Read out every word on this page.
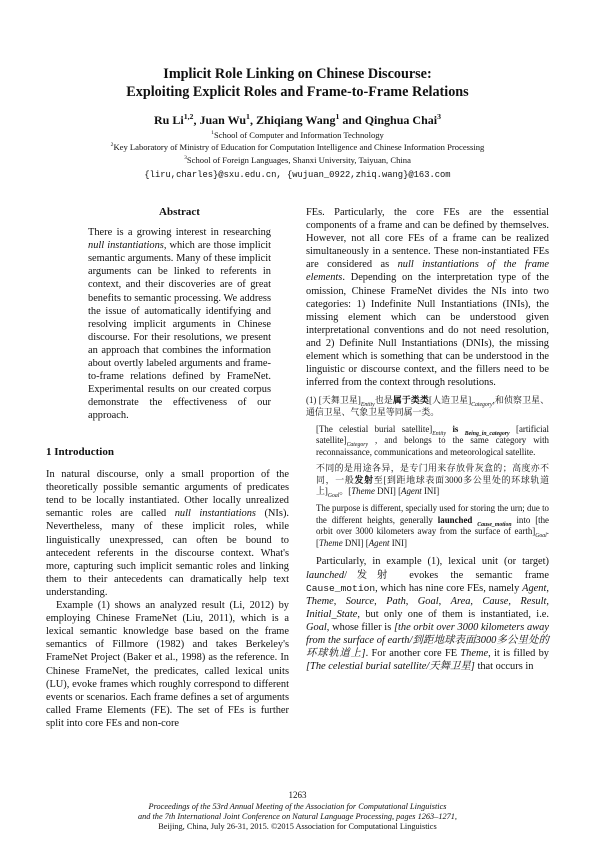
Implicit Role Linking on Chinese Discourse:
Exploiting Explicit Roles and Frame-to-Frame Relations
Ru Li$^{1,2}$, Juan Wu$^1$, Zhiqiang Wang$^1$ and Qinghua Chai$^3$
$^1$School of Computer and Information Technology
$^2$Key Laboratory of Ministry of Education for Computation Intelligence and Chinese Information Processing
$^3$School of Foreign Languages, Shanxi University, Taiyuan, China
{liru,charles}@sxu.edu.cn, {wujuan_0922,zhiq.wang}@163.com
Abstract

There is a growing interest in researching null instantiations, which are those implicit semantic arguments. Many of these implicit arguments can be linked to referents in context, and their discoveries are of great benefits to semantic processing. We address the issue of automatically identifying and resolving implicit arguments in Chinese discourse. For their resolutions, we present an approach that combines the information about overtly labeled arguments and frame-to-frame relations defined by FrameNet. Experimental results on our created corpus demonstrate the effectiveness of our approach.

1 Introduction

In natural discourse, only a small proportion of the theoretically possible semantic arguments of predicates tend to be locally instantiated. Other locally unrealized semantic roles are called null instantiations (NIs). Nevertheless, many of these implicit roles, while linguistically unexpressed, can often be bound to antecedent referents in the discourse context. What's more, capturing such implicit semantic roles and linking them to their antecedents can dramatically help text understanding.

Example (1) shows an analyzed result (Li, 2012) by employing Chinese FrameNet (Liu, 2011), which is a lexical semantic knowledge base based on the frame semantics of Fillmore (1982) and takes Berkeley's FrameNet Project (Baker et al., 1998) as the reference. In Chinese FrameNet, the predicates, called lexical units (LU), evoke frames which roughly correspond to different events or scenarios. Each frame defines a set of arguments called Frame Elements (FE). The set of FEs is further split into core FEs and non-core

FEs. Particularly, the core FEs are the essential components of a frame and can be defined by themselves. However, not all core FEs of a frame can be realized simultaneously in a sentence. These non-instantiated FEs are considered as null instantiations of the frame elements. Depending on the interpretation type of the omission, Chinese FrameNet divides the NIs into two categories: 1) Indefinite Null Instantiations (INIs), the missing element which can be understood given interpretational conventions and do not need resolution, and 2) Definite Null Instantiations (DNIs), the missing element which is something that can be understood in the linguistic or discourse context, and the fillers need to be inferred from the context through resolutions.

(1) [天舞卫星]$_{Entity}$也是属于类类[人造卫星]$_{Category}$,和侦察卫星、通信卫星、气象卫星等同属一类。

[The celestial burial $satellite]_{Entity}$ is $_{Being\_in\_category}$ [artificial $satellite]_{Category}$ , and belongs to the same category with reconnaissance, communications and meteorological satellite.

不同的是用途各异，是专门用来存放骨灰盒的；高度亦不同，一般发射至[到距地球表面3000多公里处的环球轨道上]$_{Goal}$。[Theme DNI] [Agent INI]

The purpose is different, specially used for storing the urn; due to the different heights, generally launched $_{Cause\_motion}$ into [the orbit over 3000 kilometers away from the surface of $earth]_{Goal}$. [Theme DNI] [Agent INI]

Particularly, in example (1), lexical unit (or target) launched/发射 evokes the semantic frame Cause_motion, which has nine core FEs, namely Agent, Theme, Source, Path, Goal, Area, Cause, Result, Initial_State, but only one of them is instantiated, i.e. Goal, whose filler is [the orbit over 3000 kilometers away from the surface of earth/到距地球表面3000多公里处的环球轨道上]. For another core FE Theme, it is filled by [The celestial burial satellite/天舞卫星] that occurs in

1263
Proceedings of the 53rd Annual Meeting of the Association for Computational Linguistics
and the 7th International Joint Conference on Natural Language Processing, pages 1263–1271,
Beijing, China, July 26-31, 2015. ©2015 Association for Computational Linguistics
